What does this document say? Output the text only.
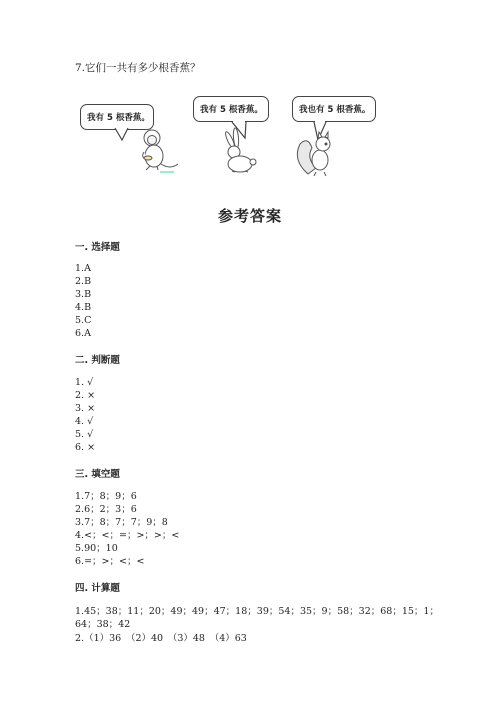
7.它们一共有多少根香蕉？
我有 5 根香蕉。
我有 5 根香蕉。	我也有 5 根香蕉。
参考答案
一. 选择题
1.A
2.B
3.B
4.B
5.C
6.A
二. 判断题
1. √
2. ×
3. ×
4. √
5. √
6. ×
三. 填空题
1.7；8；9；6
2.6；2；3；6
3.7；8；7；7；9；8
4.<；<；=；>；>；<
5.90；10
6.=；>；<；<
四. 计算题
1.45；38；11；20；49；49；47；18；39；54；35；9；58；32；68；15；1；
64；38；42
2.（1）36　（2）40　（3）48　（4）63
